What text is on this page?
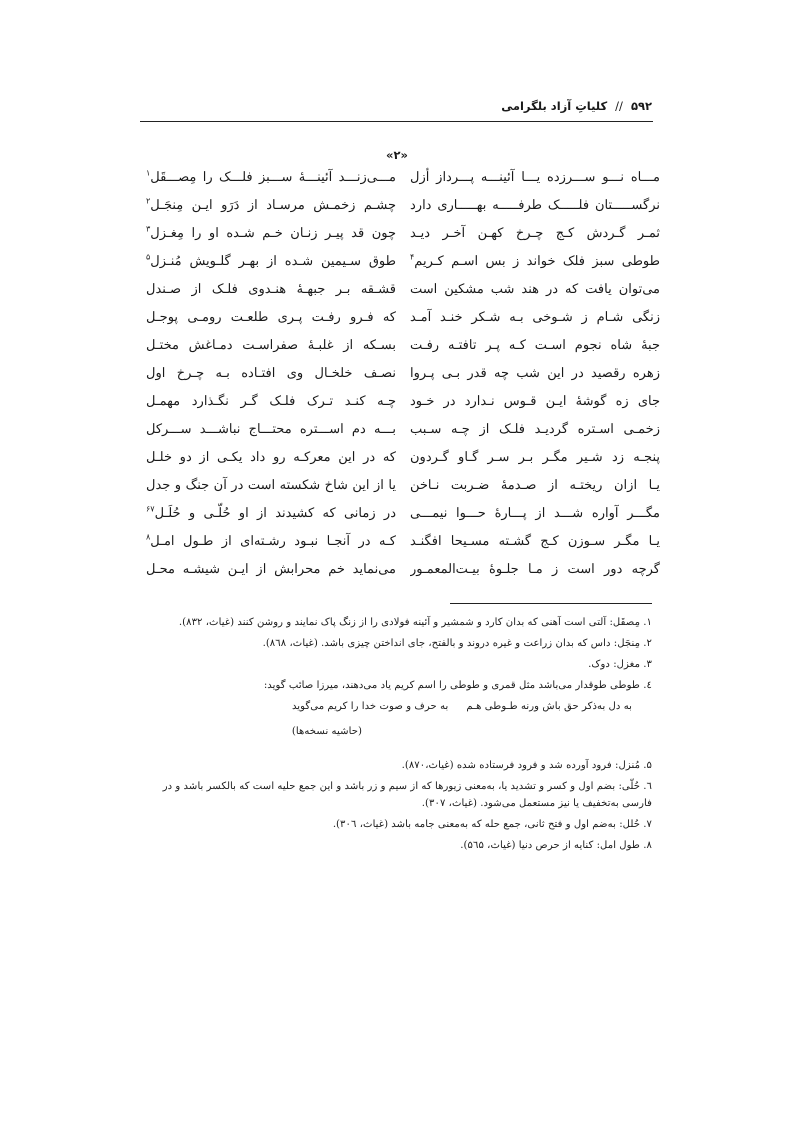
۵۹۲ // کلیاتِ آزاد بلگرامی
«۲»
مـــاه نـــو ســـرزده یـــا آئینـــه پـــرداز أزل
مـــی‌زنـــد آئینـــهٔ ســـبز فلـــک را مِصـــقَل$^۱$
نرگســـــتان فلـــــک طرفـــــه بهـــــاری دارد
چشـم زخمـش مرسـاد از دَرَو ایـن مِنجَـل$^۲$
ثمـر گـردش کـج چـرخ کهـن آخـر دیـد
چون قد پیـر زنـان خـم شـده او را مِغـزل$^۳$
طوطی سبز فلک خواند ز بس اسـم کـریم$^۴$
طوق سـیمین شـده از بهـر گلـویش مُنـزل$^۵$
می‌توان یافت که در هند شب مشکین است
قشـقه بـر جبهـهٔ هنـدوی فلـک از صـندل
زنگی شـام ز شـوخی بـه شـکر خنـد آمـد
که فـرو رفـت پـری طلعـت رومـی پوجـل
جبهٔ شاه نجوم اسـت کـه پـر تافتـه رفـت
بسـکه از غلبـهٔ صفراسـت دمـاغش مختـل
زهره رقصید در این شب چه قدر بـی پـروا
نصـف خلخـال وی افتـاده بـه چـرخ اول
جای زه گوشهٔ ایـن قـوس نـدارد در خـود
چـه کنـد تـرک فلـک گـر نگـذارد مهمـل
زخمـی اسـتره گردیـد فلـک از چـه سـبب
بـــه دم اســـتره محتـــاج نباشـــد ســـرکل
پنجـه زد شـیر مگـر بـر سـر گـاو گـردون
که در این معرکـه رو داد یکـی از دو خلـل
یـا ازان ریختـه از صـدمهٔ ضـربت نـاخن
یا از این شاخ شکسته است در آن جنگ و جدل
مگـــر آواره شـــد از پـــارهٔ حـــوا نیمـــی
در زمانی که کشیدند از او حُلّـی و حُلَـل$^{۶۷}$
یـا مگـر سـوزن کـج گشـته مسـیحا افگنـد
کـه در آنجـا نبـود رشـته‌ای از طـول امـل$^۸$
گرچه دور است ز مـا جلـوهٔ بیـت‌المعمـور
می‌نماید خم محرابش از ایـن شیشـه محـل
۱. مِصقَل: آلتی است آهنی که بدان کارد و شمشیر و آئینه فولادی را از زنگ پاک نمایند و روشن کنند (غیاث، ۸۳۲).
۲. مِنجَل: داس که بدان زراعت و غیره دروند و بالفتح، جای انداختن چیزی باشد. (غیاث، ۸٦۸).
۳. مغزل: دوک.
٤. طوطی طوقدار می‌باشد مثل قمری و طوطی را اسم کریم یاد می‌دهند، میرزا صائب گوید:
به دل به‌ذکر حق باش ورنه طـوطی هـمبه حرف و صوت خدا را کریم می‌گوید
(حاشیه نسخه‌ها)
۵. مُنزل: فرود آورده شد و فرود فرستاده شده (غیاث،۸۷۰).
٦. حُلّی: بضم اول و کسر و تشدید یا، به‌معنی زیورها که از سیم و زر باشد و این جمع حلیه است که بالکسر باشد و در فارسی به‌تخفیف یا نیز مستعمل می‌شود. (غیاث، ۳۰۷).
۷. حُلل: به‌ضم اول و فتح ثانی، جمع حله که به‌معنی جامه باشد (غیاث، ۳۰٦).
۸. طول امل: کنایه از حرص دنیا (غیاث، ۵٦۵).
